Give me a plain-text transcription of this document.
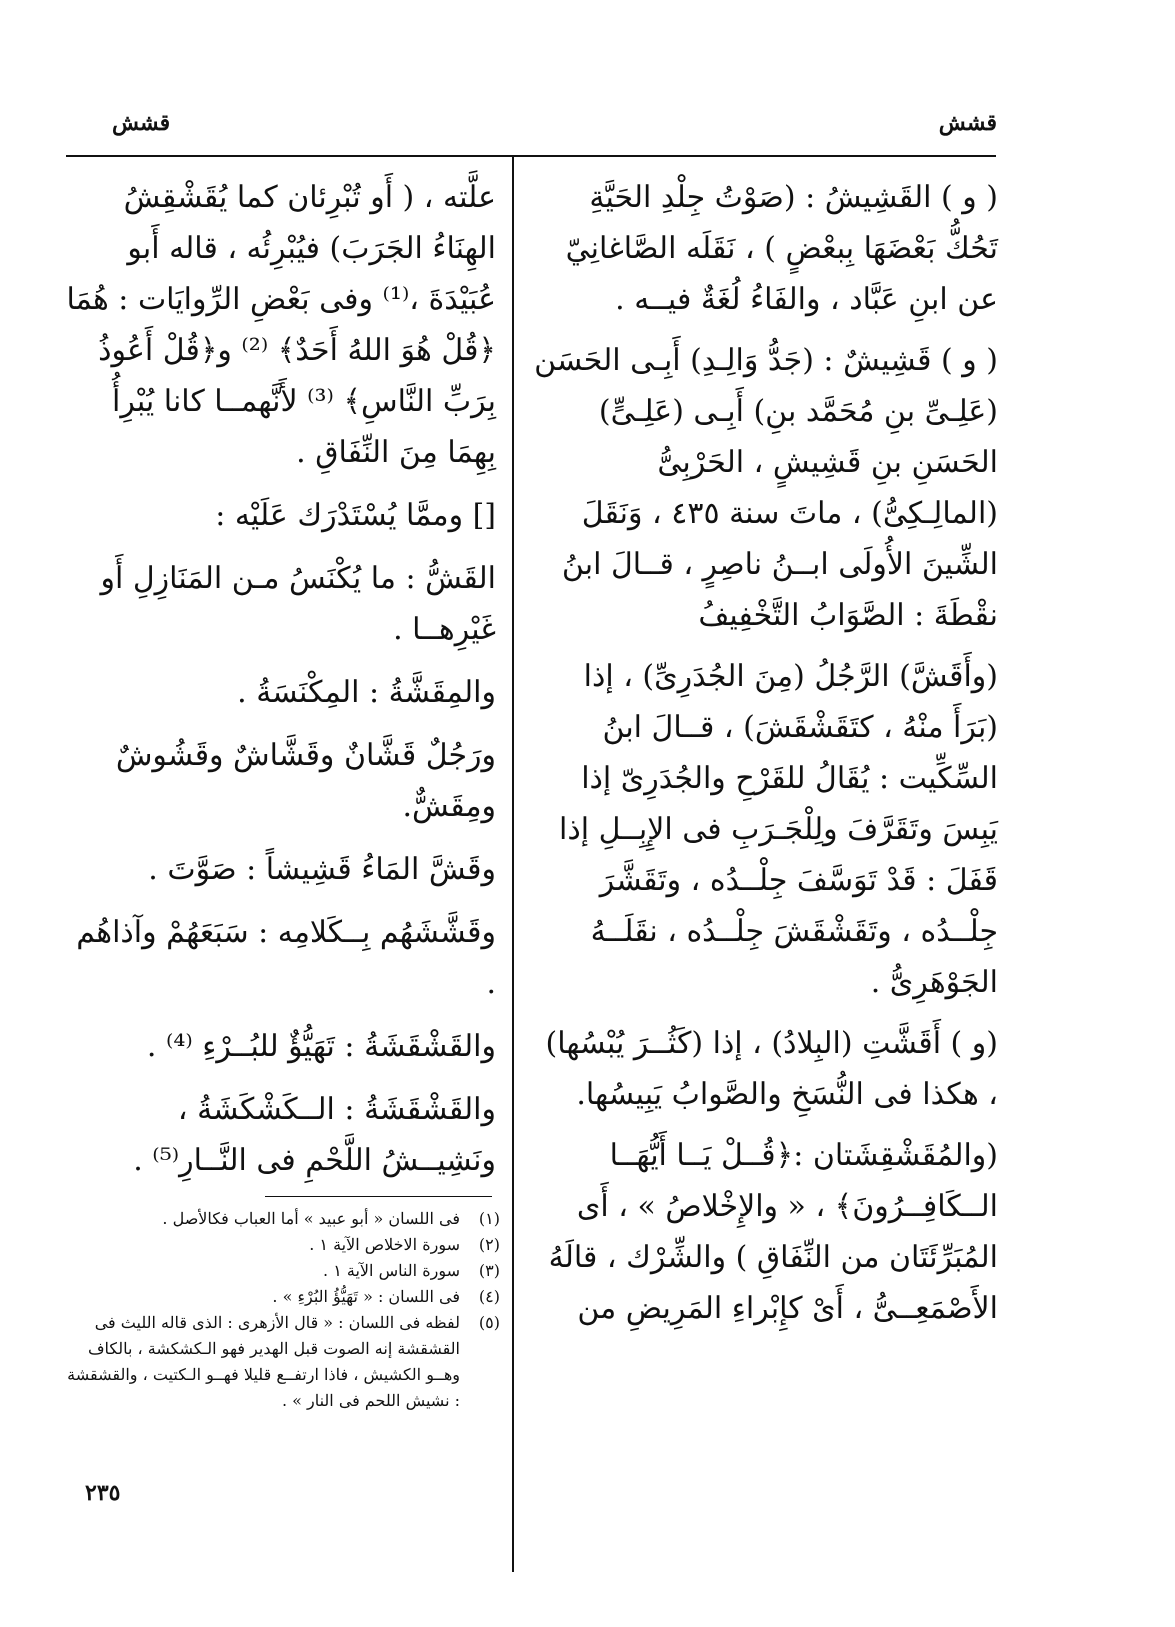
قشش
قشش

( و ) القَشِيشُ : (صَوْتُ جِلْدِ الحَيَّةِ تَحُكُّ بَعْضَهَا بِبعْضٍ ) ، نَقَلَه الصَّاغانِيّ عن ابنِ عَبَّاد ، والفَاءُ لُغَةٌ فيــه .

( و ) قَشِيشٌ : (جَدُّ وَالِـدِ) أَبِـى الحَسَن (عَلِـىِّ بنِ مُحَمَّد بنِ) أَبِـى (عَلِـىٍّ) الحَسَنِ بنِ قَشِيشٍ ، الحَرْبِىُّ (المالِـكِىُّ) ، ماتَ سنة ٤٣٥ ، وَنَقَلَ الشِّينَ الأُولَى ابــنُ ناصِرٍ ، قــالَ ابنُ نقْطَةَ : الصَّوَابُ التَّخْفِيفُ

(وأَقَشَّ) الرَّجُلُ (مِنَ الجُدَرِىِّ) ، إذا (بَرَأَ منْهُ ، كتَقَشْقَشَ) ، قــالَ ابنُ السِّكِّيت : يُقَالُ للقَرْحِ والجُدَرِىّ إذا يَبِسَ وتَقَرَّفَ ولِلْجَـرَبِ فى الإِبِــلِ إذا قَفَلَ : قَدْ تَوَسَّفَ جِلْــدُه ، وتَقَشَّرَ جِلْــدُه ، وتَقَشْقَشَ جِلْــدُه ، نقَلَــهُ الجَوْهَرِىُّ .

(و ) أَقَشَّتِ (البِلادُ) ، إذا (كَثُــرَ يُبْسُها) ، هكذا فى النُّسَخِ والصَّوابُ يَبِيسُها.

(والمُقَشْقِشَتان :﴿قُــلْ يَــا أَيُّهَــا الــكَافِــرُونَ﴾ ، « والإِخْلاصُ » ، أَى المُبَرِّئَتَان من النِّفَاقِ ) والشِّرْك ، قالَهُ الأَصْمَعِــىُّ ، أَىْ كإِبْراءِ المَرِيضِ من

علَّته ، ( أَو تُبْرِئان كما يُقَشْقِشُ الهِنَاءُ الجَرَبَ) فيُبْرِئُه ، قاله أَبو عُبَيْدَةَ ،⁽¹⁾ وفى بَعْضِ الرِّوايَات : هُمَا ﴿قُلْ هُوَ اللهُ أَحَدٌ﴾ ⁽²⁾ و﴿قُلْ أَعُوذُ بِرَبِّ النَّاسِ﴾ ⁽³⁾ لأَنَّهمــا كانا يُبْرِأُ بِهِمَا مِنَ النِّفَاقِ .

[] وممَّا يُسْتَدْرَك عَلَيْه :

القَشُّ : ما يُكْنَسُ مـن المَنَازِلِ أَو غَيْرِهــا .

والمِقَشَّةُ : المِكْنَسَةُ .

ورَجُلٌ قَشَّانٌ وقَشَّاشٌ وقَشُوشٌ ومِقَشٌّ.

وقَشَّ المَاءُ قَشِيشاً : صَوَّتَ .

وقَشَّشَهُم بِــكَلامِه : سَبَعَهُمْ وآذاهُم .

والقَشْقَشَةُ : تَهَيُّؤٌ للبُــرْءِ ⁽⁴⁾ .

والقَشْقَشَةُ : الــكَشْكَشَةُ ، ونَشِيــشُ اللَّحْمِ فى النَّــارِ⁽⁵⁾ .

(١)
فى اللسان « أبو عبيد » أما العباب فكالأصل .
(٢)
سورة الاخلاص الآية ١ .
(٣)
سورة الناس الآية ١ .
(٤)
فى اللسان : « تَهَيُّؤُ البُرْءِ » .
(٥)
لفظه فى اللسان : « قال الأزهرى : الذى قاله الليث فى القشقشة إنه الصوت قبل الهدير فهو الـكشكشة ، بالكاف وهــو الكشيش ، فاذا ارتفــع قليلا فهــو الـكتيت ، والقشقشة : نشيش اللحم فى النار » .
٢٣٥
